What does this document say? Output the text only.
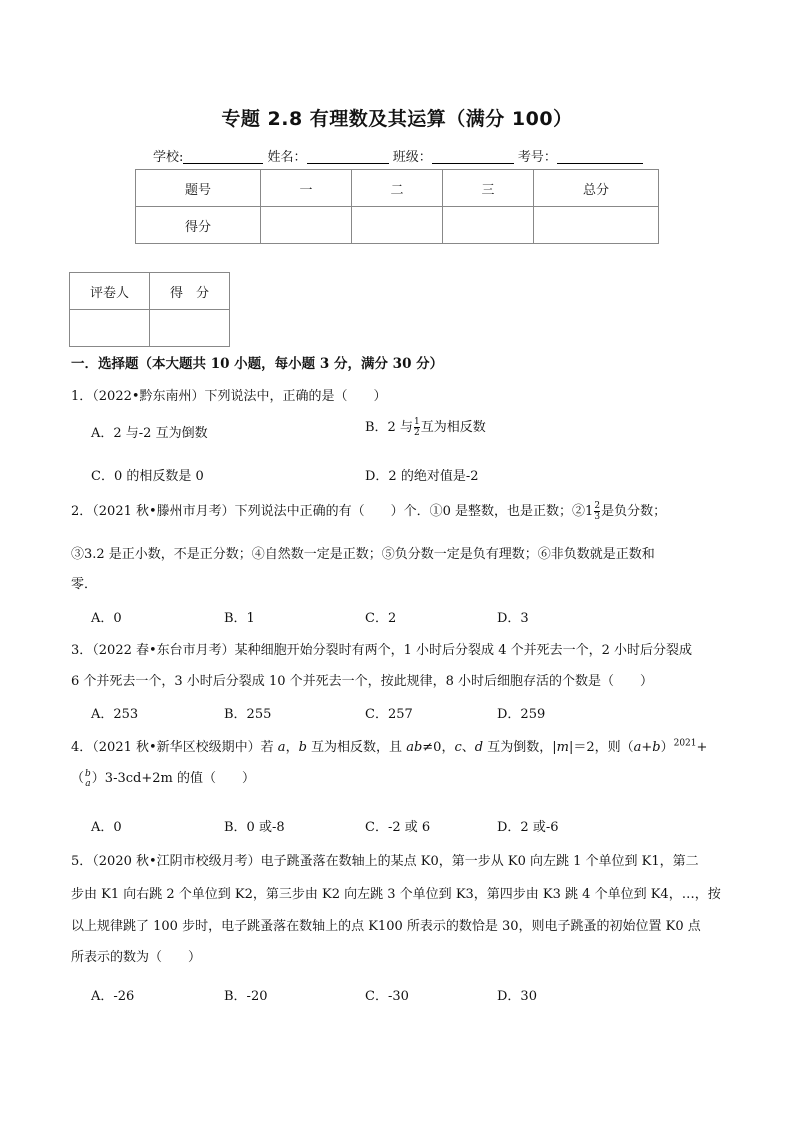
专题 2.8 有理数及其运算（满分 100）
学校:	姓名：	班级：	考号：
题号	一	二	三	总分
得分				
评卷人	得　分

一．选择题（本大题共 10 小题，每小题 3 分，满分 30 分）
1．（2022•黔东南州）下列说法中，正确的是（　　）
A．2 与-2 互为倒数	B．2 与 $\frac{1}{2}$ 互为相反数
C．0 的相反数是 0	D．2 的绝对值是-2
2．（2021 秋•滕州市月考）下列说法中正确的有（　　）个．①0 是整数，也是正数；②1 $\frac{2}{3}$ 是负分数；
③3.2 是正小数，不是正分数；④自然数一定是正数；⑤负分数一定是负有理数；⑥非负数就是正数和
零．
A．0	B．1	C．2	D．3
3．（2022 春•东台市月考）某种细胞开始分裂时有两个，1 小时后分裂成 4 个并死去一个，2 小时后分裂成
6 个并死去一个，3 小时后分裂成 10 个并死去一个，按此规律，8 小时后细胞存活的个数是（　　）
A．253	B．255	C．257	D．259
4．（2021 秋•新华区校级期中）若 a，b 互为相反数，且 ab≠0，c、d 互为倒数，|m|＝2，则$(a+b)^{2021}+$
（ b
a ）3-3cd+2m 的值（　　）
A．0	B．0 或-8	C．-2 或 6	D．2 或-6
5．（2020 秋•江阴市校级月考）电子跳蚤落在数轴上的某点 K0，第一步从 K0 向左跳 1 个单位到 K1，第二
步由 K1 向右跳 2 个单位到 K2，第三步由 K2 向左跳 3 个单位到 K3，第四步由 K3 跳 4 个单位到 K4，…，按
以上规律跳了 100 步时，电子跳蚤落在数轴上的点 K100 所表示的数恰是 30，则电子跳蚤的初始位置 K0 点
所表示的数为（　　）
A．-26	B．-20	C．-30	D．30
